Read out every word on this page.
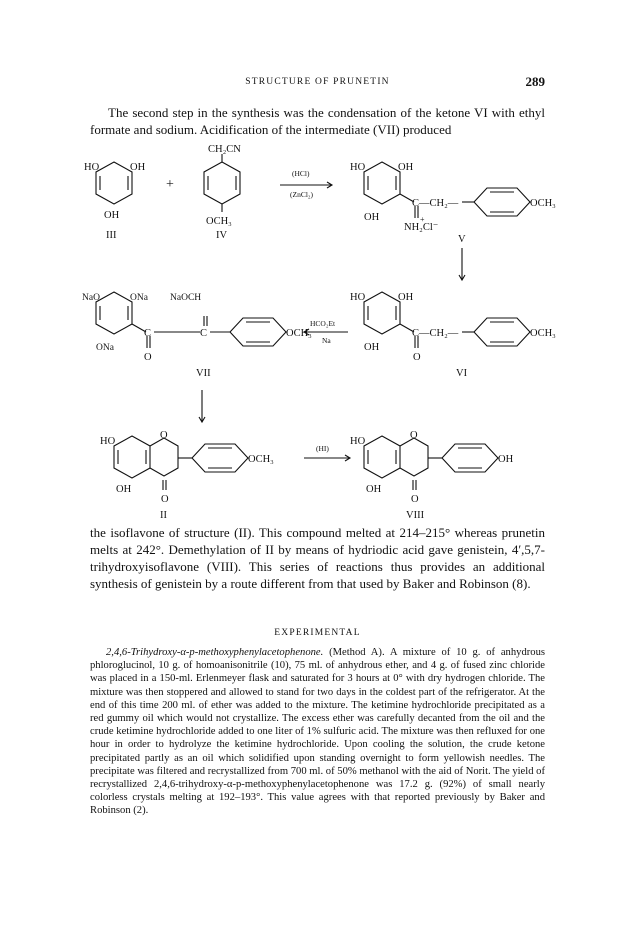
STRUCTURE OF PRUNETIN	289
The second step in the synthesis was the condensation of the ketone VI with ethyl formate and sodium. Acidification of the intermediate (VII) produced
HO	OH
OH
III
+
CH₂CN
OCH₃
IV
(HCl)
(ZnCl₂)
HO	OH
OH
C—CH₂—	OCH₃
+
NH₂Cl⁻
V
HO	OH
OH
C—CH₂—	OCH₃
O
VI
HCO₂Et
Na
NaO	ONa NaOCH
ONa
C	C
O
OCH₃
VII
HO
O
OH
O
OCH₃
II
(HI)
HO
O
OH
O
OH
VIII
the isoflavone of structure (II). This compound melted at 214–215° whereas prunetin melts at 242°. Demethylation of II by means of hydriodic acid gave genistein, 4′,5,7-trihydroxyisoflavone (VIII). This series of reactions thus provides an additional synthesis of genistein by a route different from that used by Baker and Robinson (8).
EXPERIMENTAL
2,4,6-Trihydroxy-α-p-methoxyphenylacetophenone. (Method A). A mixture of 10 g. of anhydrous phloroglucinol, 10 g. of homoanisonitrile (10), 75 ml. of anhydrous ether, and 4 g. of fused zinc chloride was placed in a 150-ml. Erlenmeyer flask and saturated for 3 hours at 0° with dry hydrogen chloride. The mixture was then stoppered and allowed to stand for two days in the coldest part of the refrigerator. At the end of this time 200 ml. of ether was added to the mixture. The ketimine hydrochloride precipitated as a red gummy oil which would not crystallize. The excess ether was carefully decanted from the oil and the crude ketimine hydrochloride added to one liter of 1% sulfuric acid. The mixture was then refluxed for one hour in order to hydrolyze the ketimine hydrochloride. Upon cooling the solution, the crude ketone precipitated partly as an oil which solidified upon standing overnight to form yellowish needles. The precipitate was filtered and recrystallized from 700 ml. of 50% methanol with the aid of Norit. The yield of recrystallized 2,4,6-trihydroxy-α-p-methoxyphenylacetophenone was 17.2 g. (92%) of small nearly colorless crystals melting at 192–193°. This value agrees with that reported previously by Baker and Robinson (2).
